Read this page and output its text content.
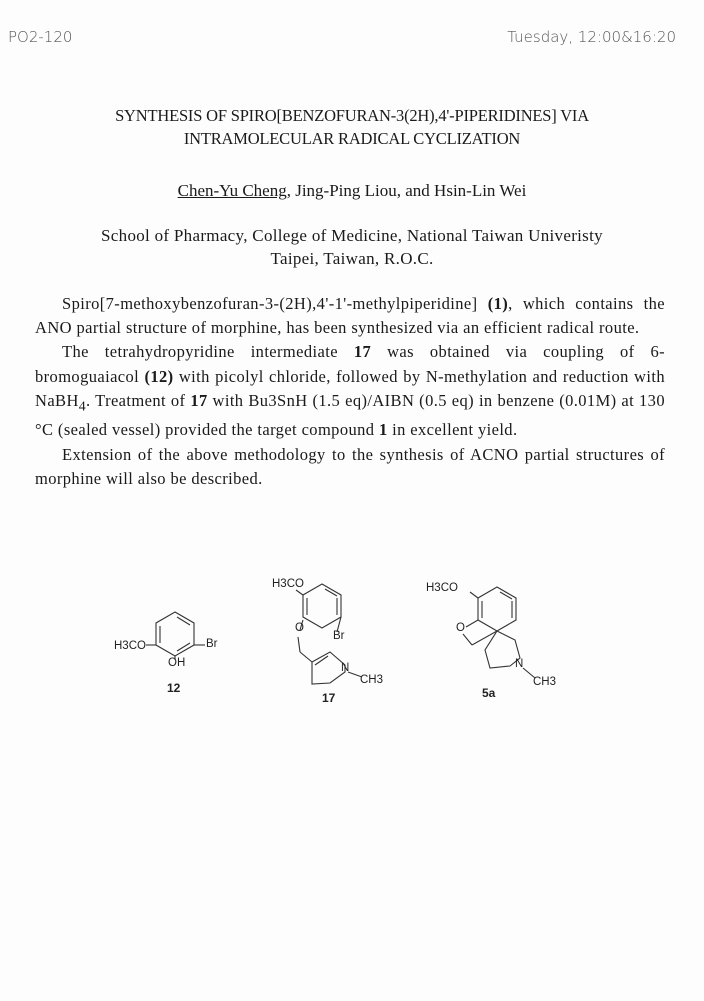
PO2-120	Tuesday, 12:00&16:20
SYNTHESIS OF SPIRO[BENZOFURAN-3(2H),4'-PIPERIDINES] VIA
INTRAMOLECULAR RADICAL CYCLIZATION
Chen-Yu Cheng, Jing-Ping Liou, and Hsin-Lin Wei
School of Pharmacy, College of Medicine, National Taiwan Univeristy
Taipei, Taiwan, R.O.C.

Spiro[7-methoxybenzofuran-3-(2H),4'-1'-methylpiperidine] (1), which contains the ANO partial structure of morphine, has been synthesized via an efficient radical route.

The tetrahydropyridine intermediate 17 was obtained via coupling of 6-bromoguaiacol (12) with picolyl chloride, followed by N-methylation and reduction with NaBH$_4$. Treatment of 17 with Bu3SnH (1.5 eq)/AIBN (0.5 eq) in benzene (0.01M) at 130 °C (sealed vessel) provided the target compound 1 in excellent yield.

Extension of the above methodology to the synthesis of ACNO partial structures of morphine will also be described.

H3CO	Br
OH
12
H3CO
O
Br
N
CH3
17
H3CO
O
N
CH3
5a
